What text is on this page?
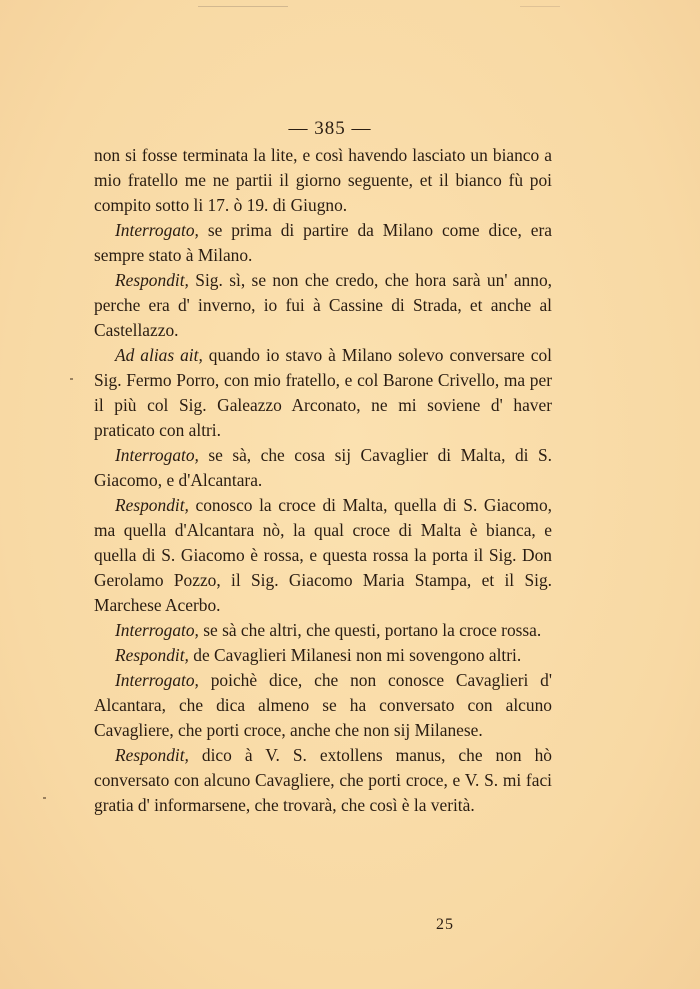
— 385 —

non si fosse terminata la lite, e così havendo lasciato un bianco a mio fratello me ne partii il giorno seguente, et il bianco fù poi compito sotto li 17. ò 19. di Giugno.

Interrogato, se prima di partire da Milano come dice, era sempre stato à Milano.

Respondit, Sig. sì, se non che credo, che hora sarà un' anno, perche era d' inverno, io fui à Cassine di Strada, et anche al Castellazzo.

Ad alias ait, quando io stavo à Milano solevo conversare col Sig. Fermo Porro, con mio fratello, e col Barone Crivello, ma per il più col Sig. Galeazzo Arconato, ne mi soviene d' haver praticato con altri.

Interrogato, se sà, che cosa sij Cavaglier di Malta, di S. Giacomo, e d'Alcantara.

Respondit, conosco la croce di Malta, quella di S. Giacomo, ma quella d'Alcantara nò, la qual croce di Malta è bianca, e quella di S. Giacomo è rossa, e questa rossa la porta il Sig. Don Gerolamo Pozzo, il Sig. Giacomo Maria Stampa, et il Sig. Marchese Acerbo.

Interrogato, se sà che altri, che questi, portano la croce rossa.

Respondit, de Cavaglieri Milanesi non mi sovengono altri.

Interrogato, poichè dice, che non conosce Cavaglieri d' Alcantara, che dica almeno se ha conversato con alcuno Cavagliere, che porti croce, anche che non sij Milanese.

Respondit, dico à V. S. extollens manus, che non hò conversato con alcuno Cavagliere, che porti croce, e V. S. mi faci gratia d' informarsene, che trovarà, che così è la verità.

25
